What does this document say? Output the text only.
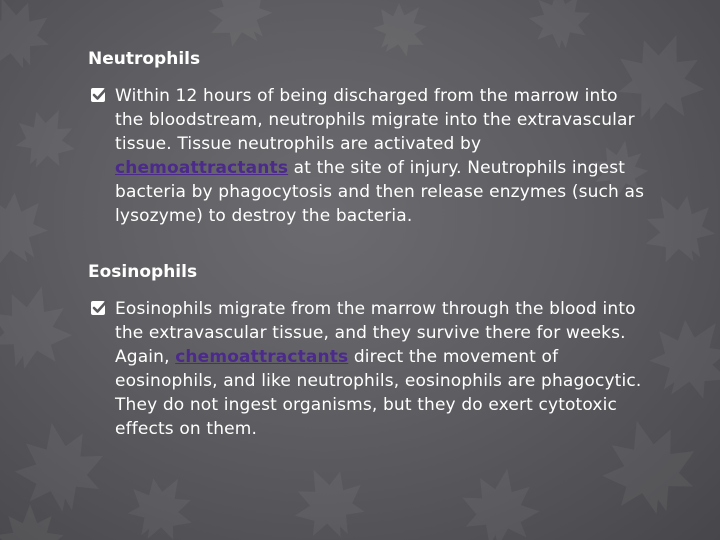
Neutrophils

Within 12 hours of being discharged from the marrow into the bloodstream, neutrophils migrate into the extravascular tissue. Tissue neutrophils are activated by chemoattractants at the site of injury. Neutrophils ingest bacteria by phagocytosis and then release enzymes (such as lysozyme) to destroy the bacteria.

Eosinophils

Eosinophils migrate from the marrow through the blood into the extravascular tissue, and they survive there for weeks.
Again, chemoattractants direct the movement of eosinophils, and like neutrophils, eosinophils are phagocytic. They do not ingest organisms, but they do exert cytotoxic effects on them.
